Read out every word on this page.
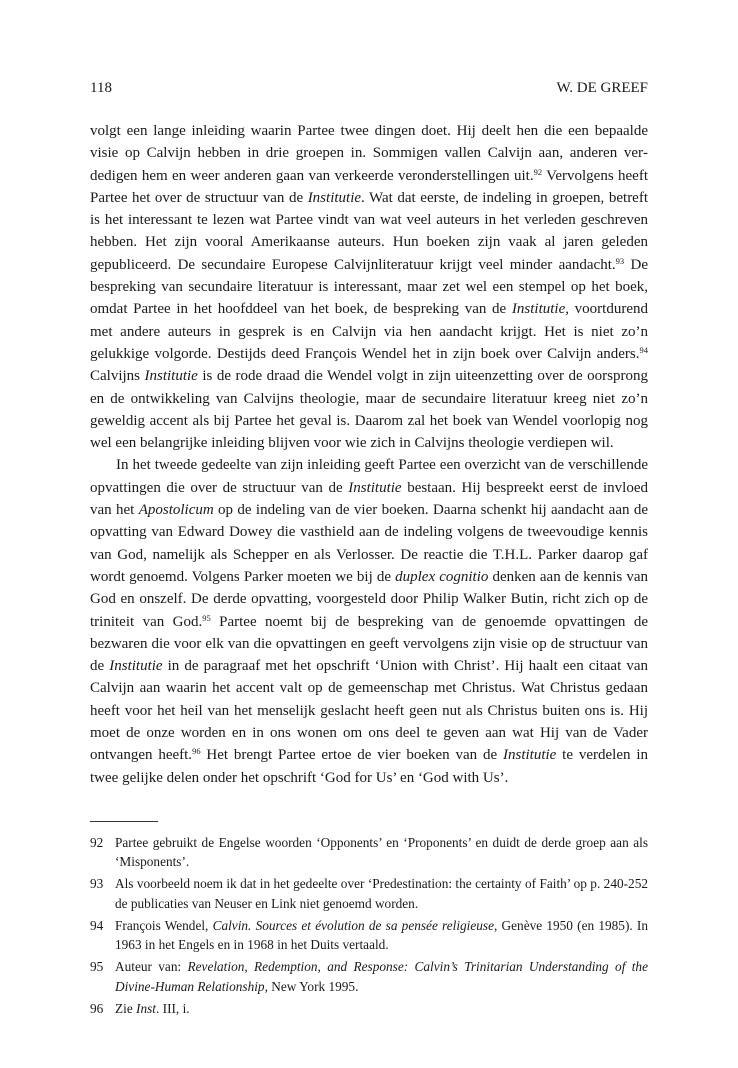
118	W. DE GREEF

volgt een lange inleiding waarin Partee twee dingen doet. Hij deelt hen die een bepaalde visie op Calvijn hebben in drie groepen in. Sommigen vallen Calvijn aan, anderen verdedigen hem en weer anderen gaan van verkeerde veronderstellingen uit.$^{92}$ Vervolgens heeft Partee het over de structuur van de Institutie. Wat dat eerste, de indeling in groepen, betreft is het interessant te lezen wat Partee vindt van wat veel auteurs in het verleden geschreven hebben. Het zijn vooral Amerikaanse auteurs. Hun boeken zijn vaak al jaren geleden gepubliceerd. De secundaire Europese Calvijnliteratuur krijgt veel minder aandacht.$^{93}$ De bespreking van secundaire literatuur is interessant, maar zet wel een stempel op het boek, omdat Partee in het hoofddeel van het boek, de bespreking van de Institutie, voortdurend met andere auteurs in gesprek is en Calvijn via hen aandacht krijgt. Het is niet zo’n gelukkige volgorde. Destijds deed François Wendel het in zijn boek over Calvijn anders.$^{94}$ Calvijns Institutie is de rode draad die Wendel volgt in zijn uiteenzetting over de oorsprong en de ontwikkeling van Calvijns theologie, maar de secundaire literatuur kreeg niet zo’n geweldig accent als bij Partee het geval is. Daarom zal het boek van Wendel voorlopig nog wel een belangrijke inleiding blijven voor wie zich in Calvijns theologie verdiepen wil.

In het tweede gedeelte van zijn inleiding geeft Partee een overzicht van de verschillende opvattingen die over de structuur van de Institutie bestaan. Hij bespreekt eerst de invloed van het Apostolicum op de indeling van de vier boeken. Daarna schenkt hij aandacht aan de opvatting van Edward Dowey die vasthield aan de indeling volgens de tweevoudige kennis van God, namelijk als Schepper en als Verlosser. De reactie die T.H.L. Parker daarop gaf wordt genoemd. Volgens Parker moeten we bij de duplex cognitio denken aan de kennis van God en onszelf. De derde opvatting, voorgesteld door Philip Walker Butin, richt zich op de triniteit van God.$^{95}$ Partee noemt bij de bespreking van de genoemde opvattingen de bezwaren die voor elk van die opvattingen en geeft vervolgens zijn visie op de structuur van de Institutie in de paragraaf met het opschrift ‘Union with Christ’. Hij haalt een citaat van Calvijn aan waarin het accent valt op de gemeenschap met Christus. Wat Christus gedaan heeft voor het heil van het menselijk geslacht heeft geen nut als Christus buiten ons is. Hij moet de onze worden en in ons wonen om ons deel te geven aan wat Hij van de Vader ontvangen heeft.$^{96}$ Het brengt Partee ertoe de vier boeken van de Institutie te verdelen in twee gelijke delen onder het opschrift ‘God for Us’ en ‘God with Us’.

92 Partee gebruikt de Engelse woorden ‘Opponents’ en ‘Proponents’ en duidt de derde groep aan als ‘Misponents’.
93 Als voorbeeld noem ik dat in het gedeelte over ‘Predestination: the certainty of Faith’ op p. 240-252 de publicaties van Neuser en Link niet genoemd worden.
94 François Wendel, Calvin. Sources et évolution de sa pensée religieuse, Genève 1950 (en 1985). In 1963 in het Engels en in 1968 in het Duits vertaald.
95 Auteur van: Revelation, Redemption, and Response: Calvin’s Trinitarian Understanding of the Divine-Human Relationship, New York 1995.
96 Zie Inst. III, i.
